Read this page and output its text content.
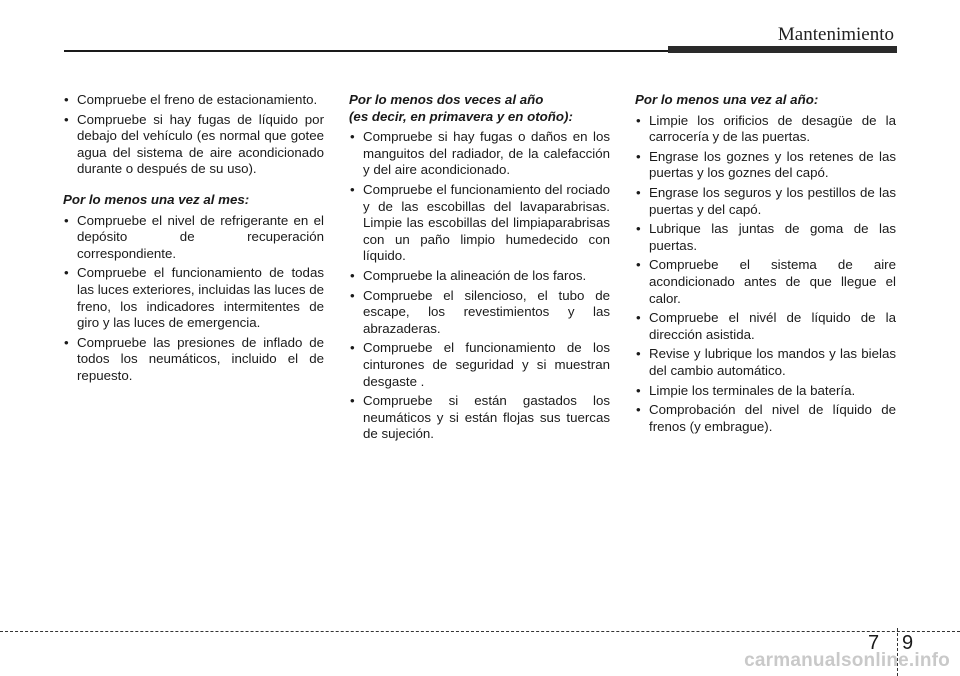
Mantenimiento
• Compruebe el freno de estacionamiento.
• Compruebe si hay fugas de líquido por debajo del vehículo (es normal que gotee agua del sistema de aire acondicionado durante o después de su uso).
Por lo menos una vez al mes:
• Compruebe el nivel de refrigerante en el depósito de recuperación correspondiente.
• Compruebe el funcionamiento de todas las luces exteriores, incluidas las luces de freno, los indicadores intermitentes de giro y las luces de emergencia.
• Compruebe las presiones de inflado de todos los neumáticos, incluido el de repuesto.
Por lo menos dos veces al año
(es decir, en primavera y en otoño):
• Compruebe si hay fugas o daños en los manguitos del radiador, de la calefacción y del aire acondicionado.
• Compruebe el funcionamiento del rociado y de las escobillas del lavaparabrisas. Limpie las escobillas del limpiaparabrisas con un paño limpio humedecido con líquido.
• Compruebe la alineación de los faros.
• Compruebe el silencioso, el tubo de escape, los revestimientos y las abrazaderas.
• Compruebe el funcionamiento de los cinturones de seguridad y si muestran desgaste .
• Compruebe si están gastados los neumáticos y si están flojas sus tuercas de sujeción.
Por lo menos una vez al año:
• Limpie los orificios de desagüe de la carrocería y de las puertas.
• Engrase los goznes y los retenes de las puertas y los goznes del capó.
• Engrase los seguros y los pestillos de las puertas y del capó.
• Lubrique las juntas de goma de las puertas.
• Compruebe el sistema de aire acondicionado antes de que llegue el calor.
• Compruebe el nivél de líquido de la dirección asistida.
• Revise y lubrique los mandos y las bielas del cambio automático.
• Limpie los terminales de la batería.
• Comprobación del nivel de líquido de frenos (y embrague).
7 9
carmanualsonline.info
